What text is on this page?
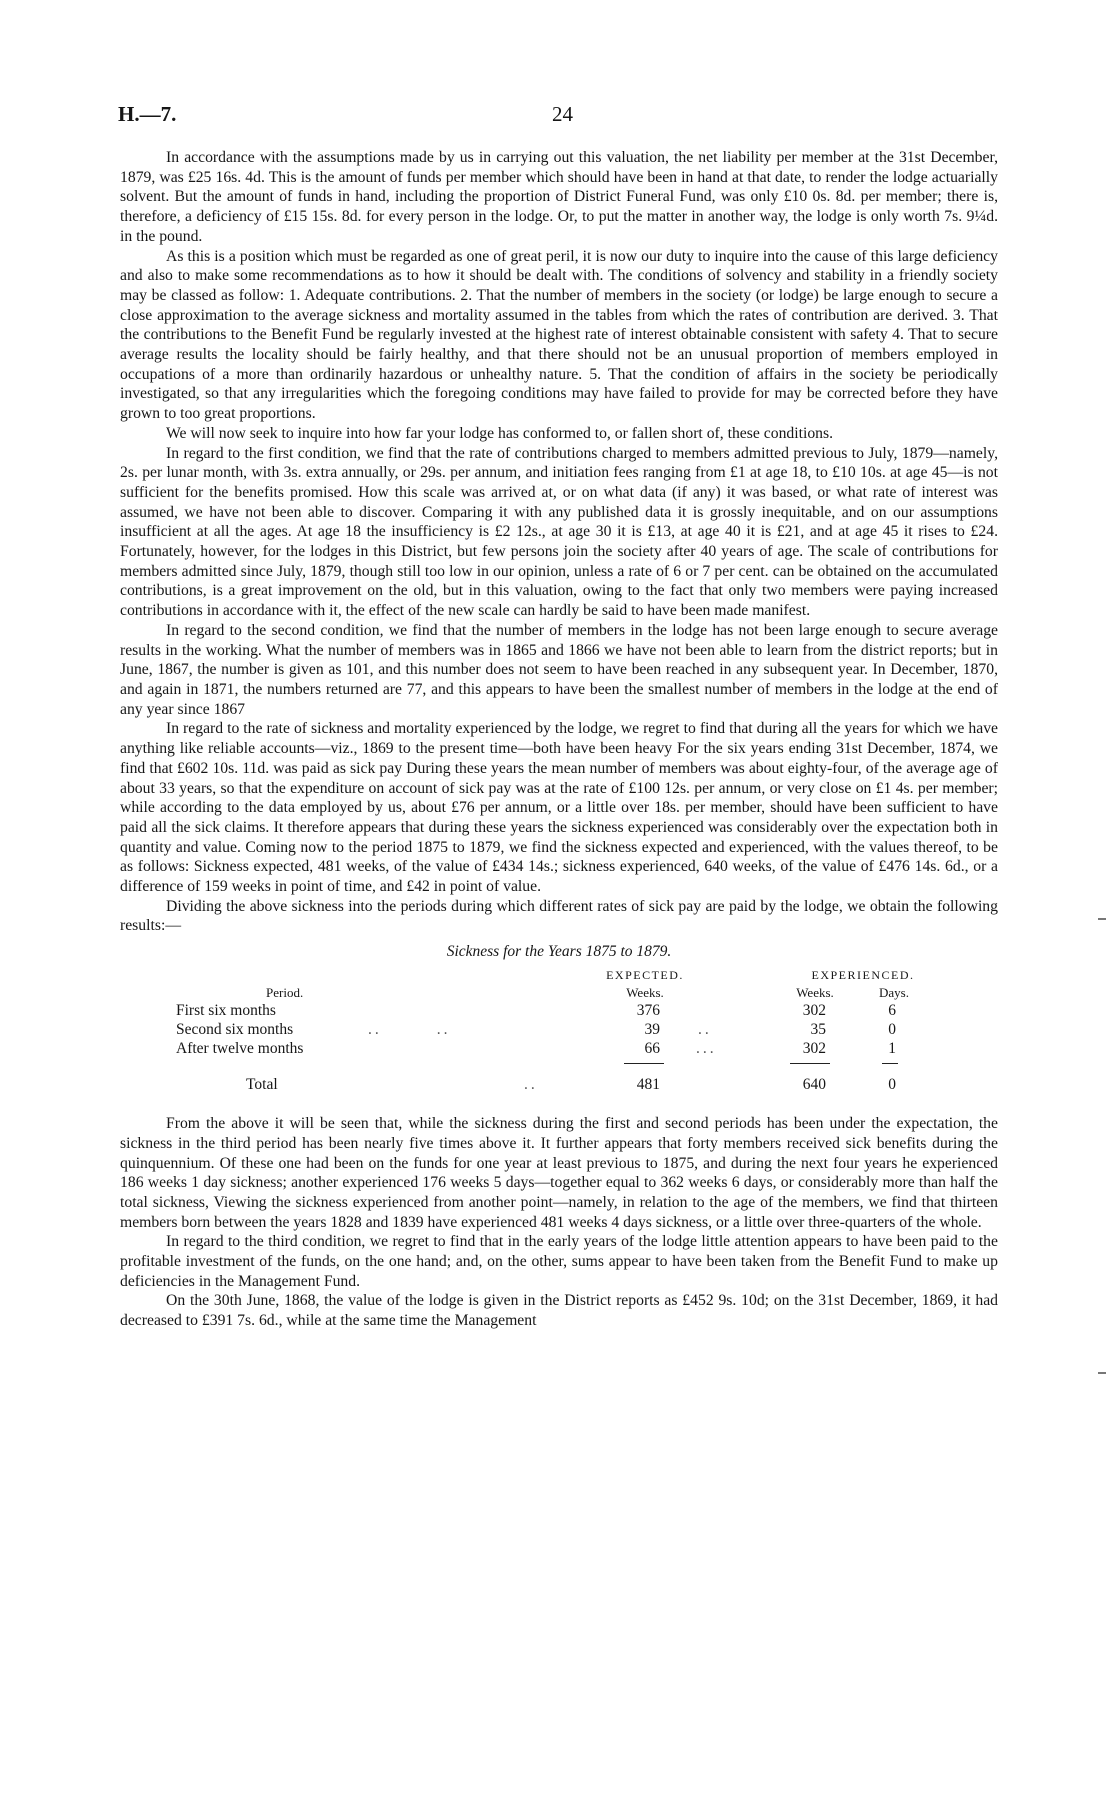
H.—7.	24

In accordance with the assumptions made by us in carrying out this valuation, the net liability per member at the 31st December, 1879, was £25 16s. 4d. This is the amount of funds per member which should have been in hand at that date, to render the lodge actuarially solvent. But the amount of funds in hand, including the proportion of District Funeral Fund, was only £10 0s. 8d. per member; there is, therefore, a deficiency of £15 15s. 8d. for every person in the lodge. Or, to put the matter in another way, the lodge is only worth 7s. 9¼d. in the pound.

As this is a position which must be regarded as one of great peril, it is now our duty to inquire into the cause of this large deficiency and also to make some recommendations as to how it should be dealt with. The conditions of solvency and stability in a friendly society may be classed as follow: 1. Adequate contributions. 2. That the number of members in the society (or lodge) be large enough to secure a close approximation to the average sickness and mortality assumed in the tables from which the rates of contribution are derived. 3. That the contributions to the Benefit Fund be regularly invested at the highest rate of interest obtainable consistent with safety 4. That to secure average results the locality should be fairly healthy, and that there should not be an unusual proportion of members employed in occupations of a more than ordinarily hazardous or unhealthy nature. 5. That the condition of affairs in the society be periodically investigated, so that any irregularities which the foregoing conditions may have failed to provide for may be corrected before they have grown to too great proportions.

We will now seek to inquire into how far your lodge has conformed to, or fallen short of, these conditions.

In regard to the first condition, we find that the rate of contributions charged to members admitted previous to July, 1879—namely, 2s. per lunar month, with 3s. extra annually, or 29s. per annum, and initiation fees ranging from £1 at age 18, to £10 10s. at age 45—is not sufficient for the benefits promised. How this scale was arrived at, or on what data (if any) it was based, or what rate of interest was assumed, we have not been able to discover. Comparing it with any published data it is grossly inequitable, and on our assumptions insufficient at all the ages. At age 18 the insufficiency is £2 12s., at age 30 it is £13, at age 40 it is £21, and at age 45 it rises to £24. Fortunately, however, for the lodges in this District, but few persons join the society after 40 years of age. The scale of contributions for members admitted since July, 1879, though still too low in our opinion, unless a rate of 6 or 7 per cent. can be obtained on the accumulated contributions, is a great improvement on the old, but in this valuation, owing to the fact that only two members were paying increased contributions in accordance with it, the effect of the new scale can hardly be said to have been made manifest.

In regard to the second condition, we find that the number of members in the lodge has not been large enough to secure average results in the working. What the number of members was in 1865 and 1866 we have not been able to learn from the district reports; but in June, 1867, the number is given as 101, and this number does not seem to have been reached in any subsequent year. In December, 1870, and again in 1871, the numbers returned are 77, and this appears to have been the smallest number of members in the lodge at the end of any year since 1867

In regard to the rate of sickness and mortality experienced by the lodge, we regret to find that during all the years for which we have anything like reliable accounts—viz., 1869 to the present time—both have been heavy For the six years ending 31st December, 1874, we find that £602 10s. 11d. was paid as sick pay During these years the mean number of members was about eighty-four, of the average age of about 33 years, so that the expenditure on account of sick pay was at the rate of £100 12s. per annum, or very close on £1 4s. per member; while according to the data employed by us, about £76 per annum, or a little over 18s. per member, should have been sufficient to have paid all the sick claims. It therefore appears that during these years the sickness experienced was considerably over the expectation both in quantity and value. Coming now to the period 1875 to 1879, we find the sickness expected and experienced, with the values thereof, to be as follows: Sickness expected, 481 weeks, of the value of £434 14s.; sickness experienced, 640 weeks, of the value of £476 14s. 6d., or a difference of 159 weeks in point of time, and £42 in point of value.

Dividing the above sickness into the periods during which different rates of sick pay are paid by the lodge, we obtain the following results:—

Sickness for the Years 1875 to 1879.
EXPECTED.	EXPERIENCED.
Period.	Weeks.	Weeks.	Days.
First six months	376	302	6
Second six months	..        ..	39 ..	35	0
After twelve months	66 ...	302	1
Total	..	481	640	0

From the above it will be seen that, while the sickness during the first and second periods has been under the expectation, the sickness in the third period has been nearly five times above it. It further appears that forty members received sick benefits during the quinquennium. Of these one had been on the funds for one year at least previous to 1875, and during the next four years he experienced 186 weeks 1 day sickness; another experienced 176 weeks 5 days—together equal to 362 weeks 6 days, or considerably more than half the total sickness, Viewing the sickness experienced from another point—namely, in relation to the age of the members, we find that thirteen members born between the years 1828 and 1839 have experienced 481 weeks 4 days sickness, or a little over three-quarters of the whole.

In regard to the third condition, we regret to find that in the early years of the lodge little attention appears to have been paid to the profitable investment of the funds, on the one hand; and, on the other, sums appear to have been taken from the Benefit Fund to make up deficiencies in the Management Fund.

On the 30th June, 1868, the value of the lodge is given in the District reports as £452 9s. 10d; on the 31st December, 1869, it had decreased to £391 7s. 6d., while at the same time the Management
